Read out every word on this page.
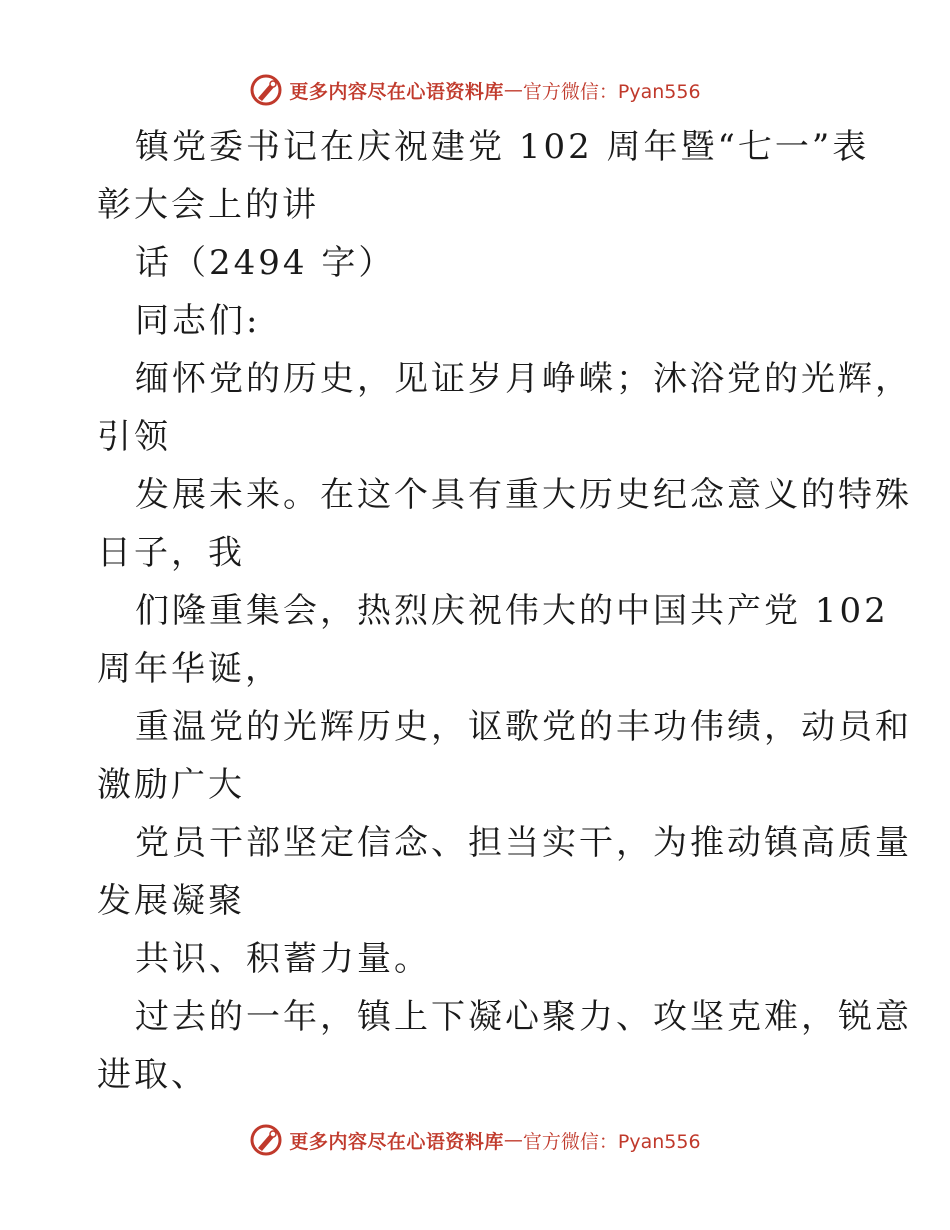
更多内容尽在心语资料库 — 官方微信：Pyan556
镇党委书记在庆祝建党 102 周年暨“七一”表
彰大会上的讲
话（2494 字）
同志们:
缅怀党的历史，见证岁月峥嵘；沐浴党的光辉，
引领
发展未来。在这个具有重大历史纪念意义的特殊
日子，我
们隆重集会，热烈庆祝伟大的中国共产党 102
周年华诞，
重温党的光辉历史，讴歌党的丰功伟绩，动员和
激励广大
党员干部坚定信念、担当实干，为推动镇高质量
发展凝聚
共识、积蓄力量。
过去的一年，镇上下凝心聚力、攻坚克难，锐意
进取、
更多内容尽在心语资料库 — 官方微信：Pyan556
